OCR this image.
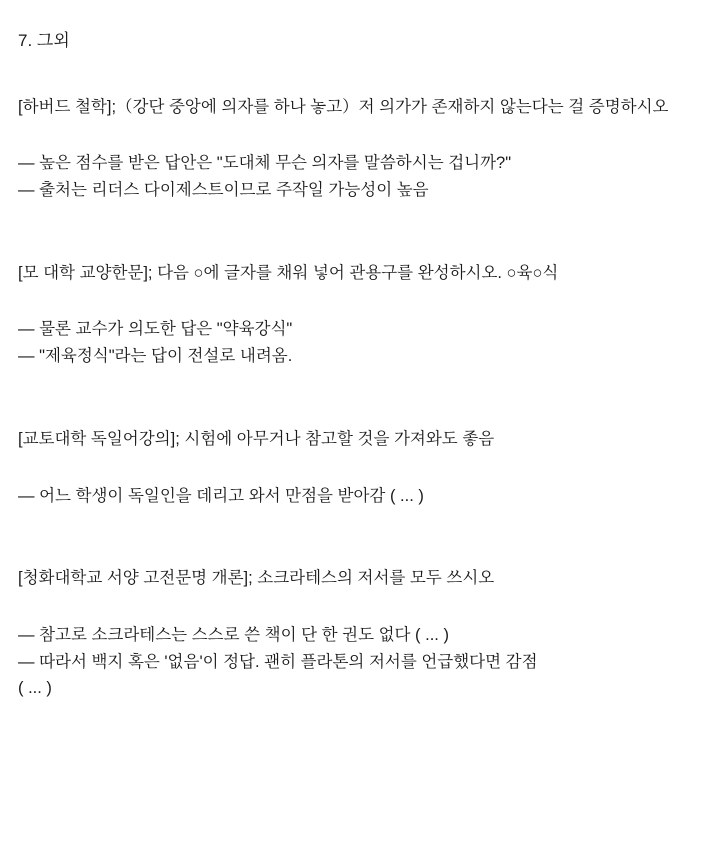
7. 그외
[하버드 철학];（강단 중앙에 의자를 하나 놓고）저 의가가 존재하지 않는다는 걸 증명하시오
— 높은 점수를 받은 답안은 "도대체 무슨 의자를 말씀하시는 겁니까?"
— 출처는 리더스 다이제스트이므로 주작일 가능성이 높음
[모 대학 교양한문]; 다음 ○에 글자를 채워 넣어 관용구를 완성하시오. ○육○식
— 물론 교수가 의도한 답은 "약육강식"
— "제육정식"라는 답이 전설로 내려옴.
[교토대학 독일어강의]; 시험에 아무거나 참고할 것을 가져와도 좋음
— 어느 학생이 독일인을 데리고 와서 만점을 받아감 ( ... )
[청화대학교 서양 고전문명 개론]; 소크라테스의 저서를 모두 쓰시오
— 참고로 소크라테스는 스스로 쓴 책이 단 한 권도 없다 ( ... )
— 따라서 백지 혹은 '없음'이 정답. 괜히 플라톤의 저서를 언급했다면 감점
( ... )
